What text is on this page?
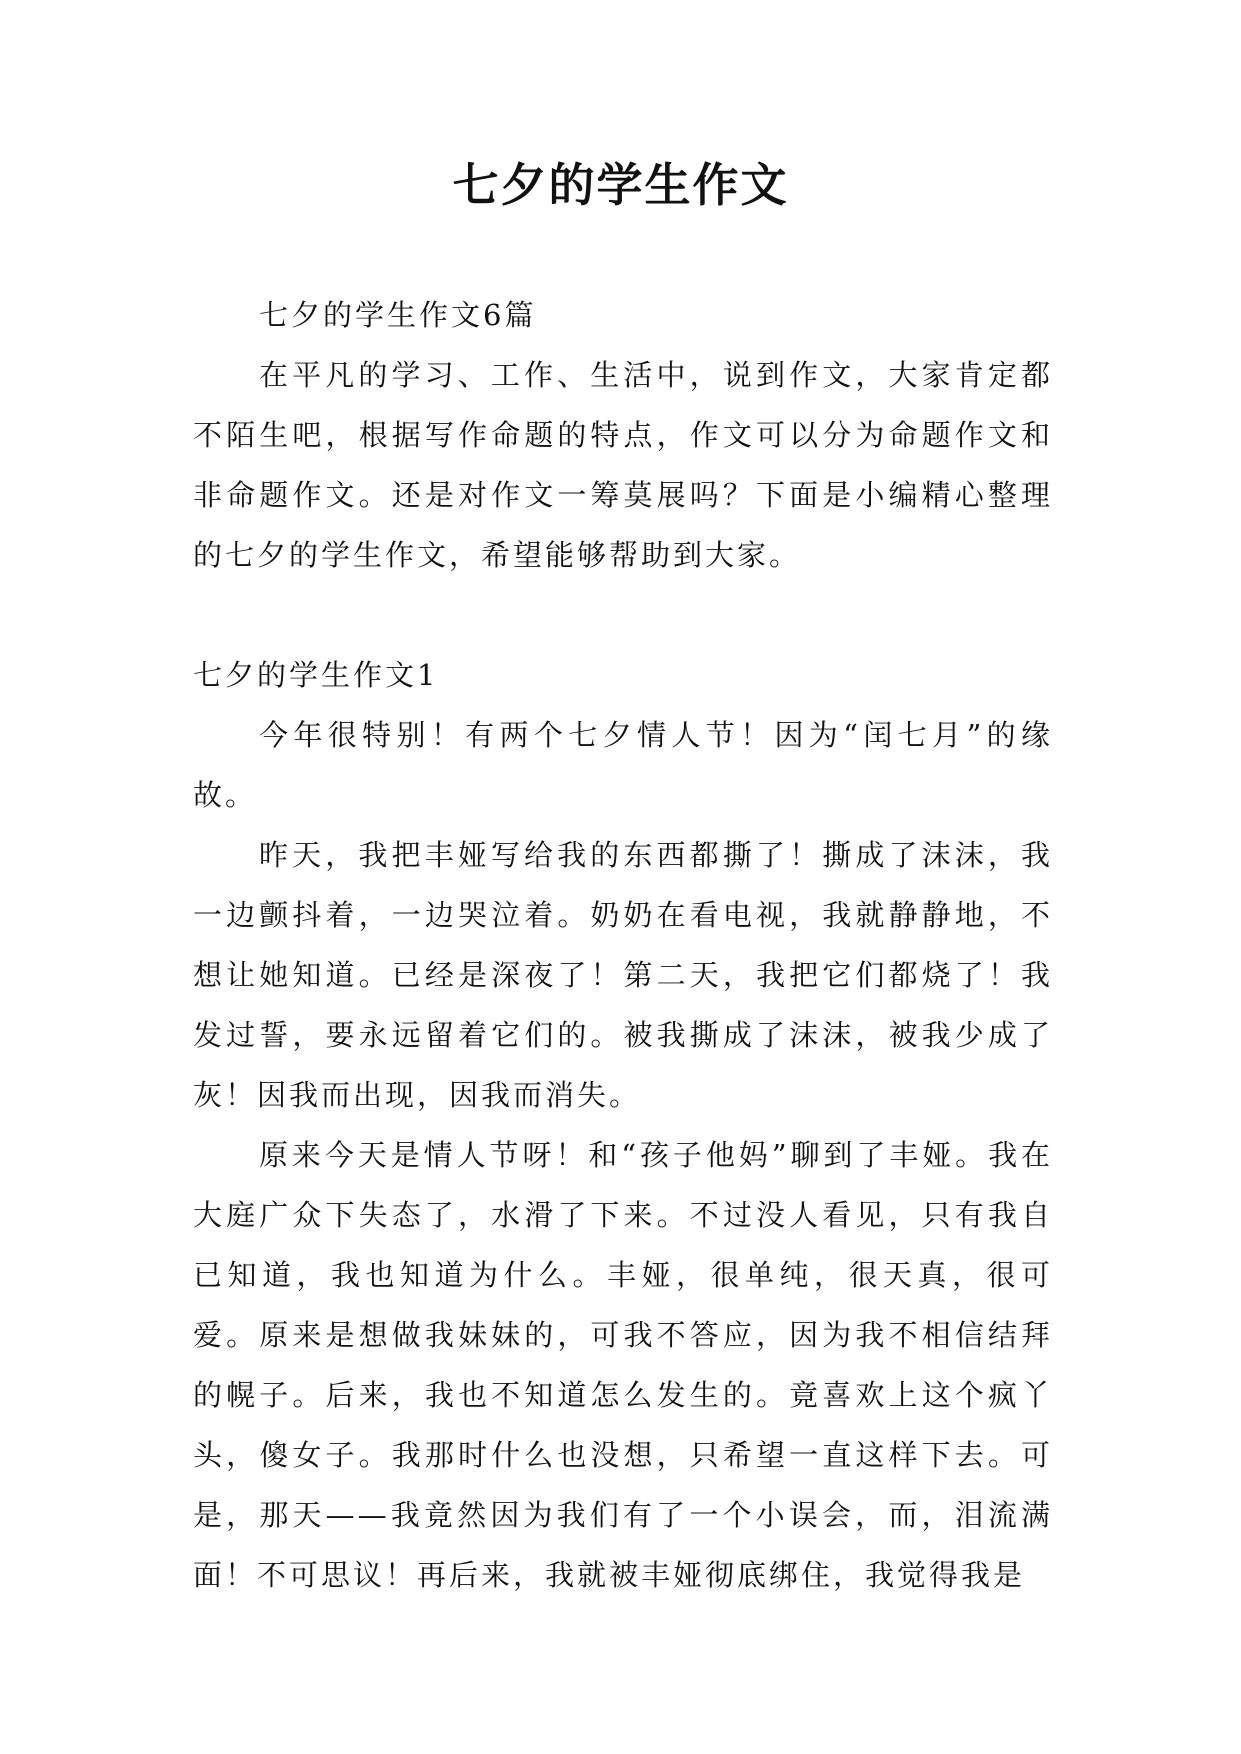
七夕的学生作文

七夕的学生作文6篇

在平凡的学习、工作、生活中，说到作文，大家肯定都不陌生吧，根据写作命题的特点，作文可以分为命题作文和非命题作文。还是对作文一筹莫展吗？下面是小编精心整理的七夕的学生作文，希望能够帮助到大家。

七夕的学生作文1

今年很特别！有两个七夕情人节！因为“闰七月”的缘故。

昨天，我把丰娅写给我的东西都撕了！撕成了沫沫，我一边颤抖着，一边哭泣着。奶奶在看电视，我就静静地，不想让她知道。已经是深夜了！第二天，我把它们都烧了！我发过誓，要永远留着它们的。被我撕成了沫沫，被我少成了灰！因我而出现，因我而消失。

原来今天是情人节呀！和“孩子他妈”聊到了丰娅。我在大庭广众下失态了，水滑了下来。不过没人看见，只有我自已知道，我也知道为什么。丰娅，很单纯，很天真，很可爱。原来是想做我妹妹的，可我不答应，因为我不相信结拜的幌子。后来，我也不知道怎么发生的。竟喜欢上这个疯丫头，傻女子。我那时什么也没想，只希望一直这样下去。可是，那天——我竟然因为我们有了一个小误会，而，泪流满面！不可思议！再后来，我就被丰娅彻底绑住，我觉得我是
